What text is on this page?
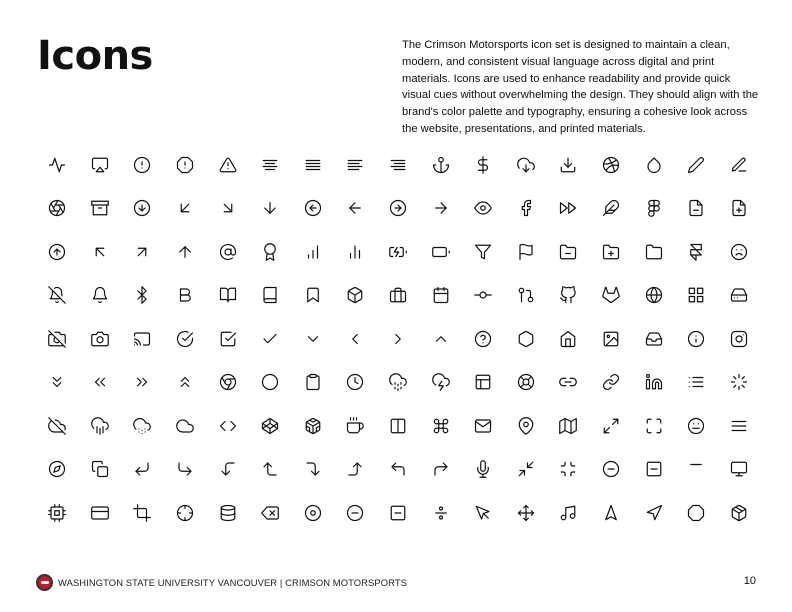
Icons	The Crimson Motorsports icon set is designed to maintain a clean, modern, and consistent visual language across digital and print materials. Icons are used to enhance readability and provide quick visual cues without overwhelming the design. They should align with the brand's color palette and typography, ensuring a cohesive look across the website, presentations, and printed materials.

WASHINGTON STATE UNIVERSITY VANCOUVER | CRIMSON MOTORSPORTS	10
